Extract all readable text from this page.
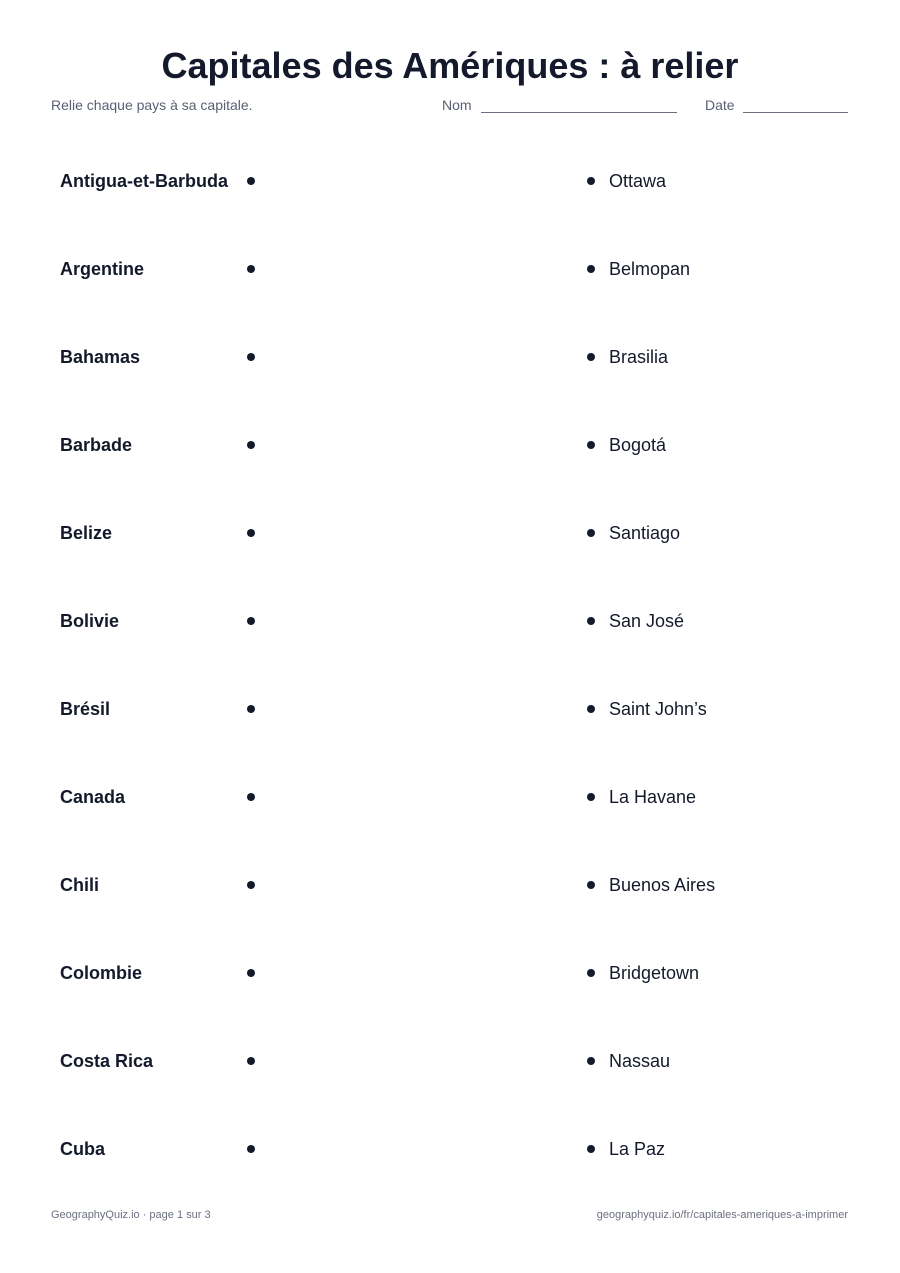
Capitales des Amériques : à relier
Relie chaque pays à sa capitale.	Nom	Date
Antigua-et-Barbuda	Ottawa
Argentine	Belmopan
Bahamas	Brasilia
Barbade	Bogotá
Belize	Santiago
Bolivie	San José
Brésil	Saint John’s
Canada	La Havane
Chili	Buenos Aires
Colombie	Bridgetown
Costa Rica	Nassau
Cuba	La Paz
GeographyQuiz.io · page 1 sur 3	geographyquiz.io/fr/capitales-ameriques-a-imprimer
